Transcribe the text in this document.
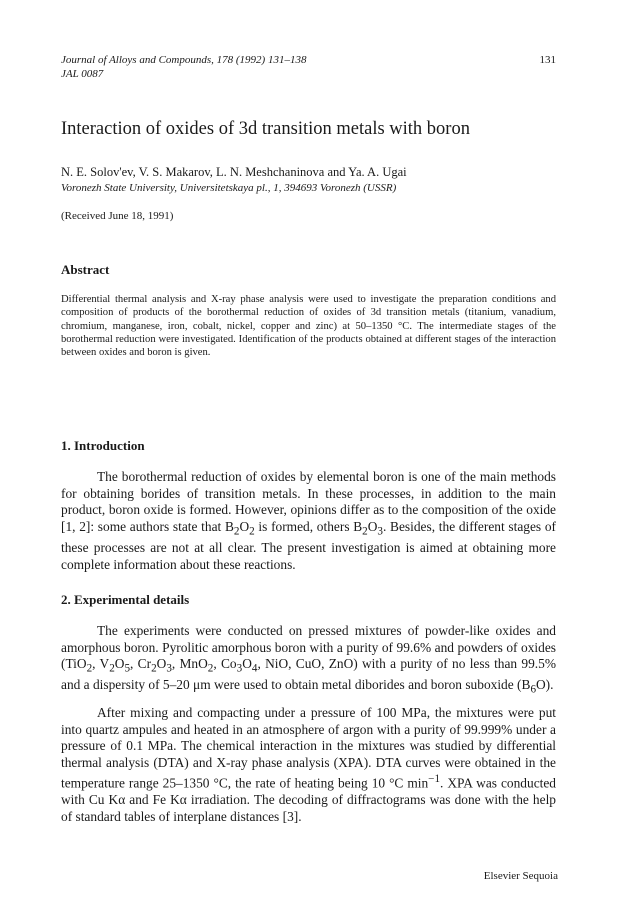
Journal of Alloys and Compounds, 178 (1992) 131–138
JAL 0087
131
Interaction of oxides of 3d transition metals with boron
N. E. Solov'ev, V. S. Makarov, L. N. Meshchaninova and Ya. A. Ugai
Voronezh State University, Universitetskaya pl., 1, 394693 Voronezh (USSR)
(Received June 18, 1991)
Abstract
Differential thermal analysis and X-ray phase analysis were used to investigate the preparation conditions and composition of products of the borothermal reduction of oxides of 3d transition metals (titanium, vanadium, chromium, manganese, iron, cobalt, nickel, copper and zinc) at 50–1350 °C. The intermediate stages of the borothermal reduction were investigated. Identification of the products obtained at different stages of the interaction between oxides and boron is given.
1. Introduction
The borothermal reduction of oxides by elemental boron is one of the main methods for obtaining borides of transition metals. In these processes, in addition to the main product, boron oxide is formed. However, opinions differ as to the composition of the oxide [1, 2]: some authors state that $B_2O_2$ is formed, others $B_2O_3$. Besides, the different stages of these processes are not at all clear. The present investigation is aimed at obtaining more complete information about these reactions.
2. Experimental details
The experiments were conducted on pressed mixtures of powder-like oxides and amorphous boron. Pyrolitic amorphous boron with a purity of 99.6% and powders of oxides (TiO$_2$, $V_2O_5$, $Cr_2O_3$, MnO$_2$, $Co_3O_4$, NiO, CuO, ZnO) with a purity of no less than 99.5% and a dispersity of 5–20 μm were used to obtain metal diborides and boron suboxide $(B_6O)$.
After mixing and compacting under a pressure of 100 MPa, the mixtures were put into quartz ampules and heated in an atmosphere of argon with a purity of 99.999% under a pressure of 0.1 MPa. The chemical interaction in the mixtures was studied by differential thermal analysis (DTA) and X-ray phase analysis (XPA). DTA curves were obtained in the temperature range 25–1350 °C, the rate of heating being 10 °C $\min^{-1}$. XPA was conducted with Cu Kα and Fe Kα irradiation. The decoding of diffractograms was done with the help of standard tables of interplane distances [3].
Elsevier Sequoia
